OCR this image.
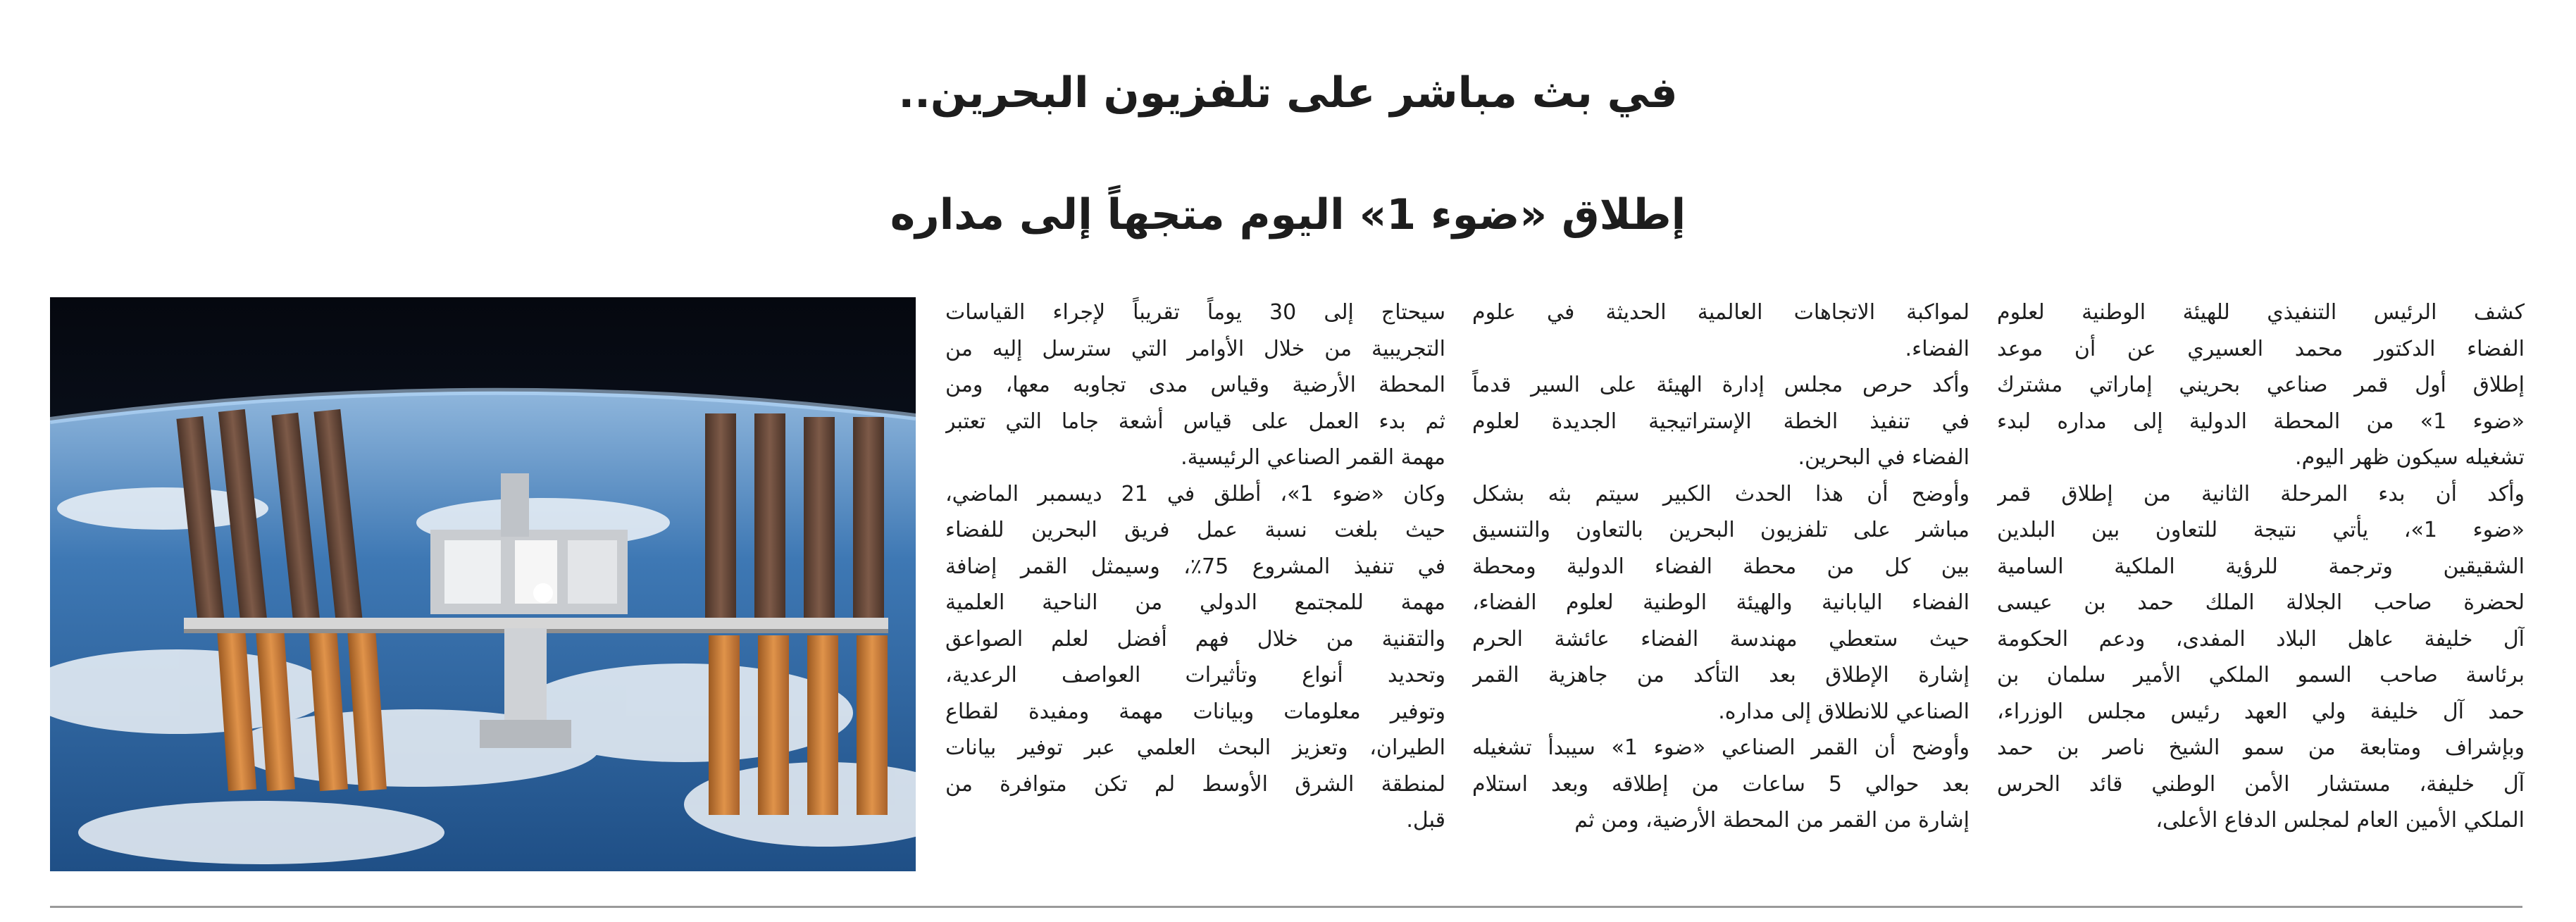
في بث مباشر على تلفزيون البحرين..
إطلاق «ضوء 1» اليوم متجهاً إلى مداره
كشف الرئيس التنفيذي للهيئة الوطنية لعلوم
الفضاء الدكتور محمد العسيري عن أن موعد
إطلاق أول قمر صناعي بحريني إماراتي مشترك
«ضوء 1» من المحطة الدولية إلى مداره لبدء
تشغيله سيكون ظهر اليوم.
وأكد أن بدء المرحلة الثانية من إطلاق قمر
«ضوء 1»، يأتي نتيجة للتعاون بين البلدين
الشقيقين وترجمة للرؤية الملكية السامية
لحضرة صاحب الجلالة الملك حمد بن عيسى
آل خليفة عاهل البلاد المفدى، ودعم الحكومة
برئاسة صاحب السمو الملكي الأمير سلمان بن
حمد آل خليفة ولي العهد رئيس مجلس الوزراء،
وبإشراف ومتابعة من سمو الشيخ ناصر بن حمد
آل خليفة، مستشار الأمن الوطني قائد الحرس
الملكي الأمين العام لمجلس الدفاع الأعلى،
لمواكبة الاتجاهات العالمية الحديثة في علوم
الفضاء.
وأكد حرص مجلس إدارة الهيئة على السير قدماً
في تنفيذ الخطة الإستراتيجية الجديدة لعلوم
الفضاء في البحرين.
وأوضح أن هذا الحدث الكبير سيتم بثه بشكل
مباشر على تلفزيون البحرين بالتعاون والتنسيق
بين كل من محطة الفضاء الدولية ومحطة
الفضاء اليابانية والهيئة الوطنية لعلوم الفضاء،
حيث ستعطي مهندسة الفضاء عائشة الحرم
إشارة الإطلاق بعد التأكد من جاهزية القمر
الصناعي للانطلاق إلى مداره.
وأوضح أن القمر الصناعي «ضوء 1» سيبدأ تشغيله
بعد حوالي 5 ساعات من إطلاقه وبعد استلام
إشارة من القمر من المحطة الأرضية، ومن ثم
سيحتاج إلى 30 يوماً تقريباً لإجراء القياسات
التجريبية من خلال الأوامر التي سترسل إليه من
المحطة الأرضية وقياس مدى تجاوبه معها، ومن
ثم بدء العمل على قياس أشعة جاما التي تعتبر
مهمة القمر الصناعي الرئيسية.
وكان «ضوء 1»، أطلق في 21 ديسمبر الماضي،
حيث بلغت نسبة عمل فريق البحرين للفضاء
في تنفيذ المشروع 75٪، وسيمثل القمر إضافة
مهمة للمجتمع الدولي من الناحية العلمية
والتقنية من خلال فهم أفضل لعلم الصواعق
وتحديد أنواع وتأثيرات العواصف الرعدية،
وتوفير معلومات وبيانات مهمة ومفيدة لقطاع
الطيران، وتعزيز البحث العلمي عبر توفير بيانات
لمنطقة الشرق الأوسط لم تكن متوافرة من
قبل.
